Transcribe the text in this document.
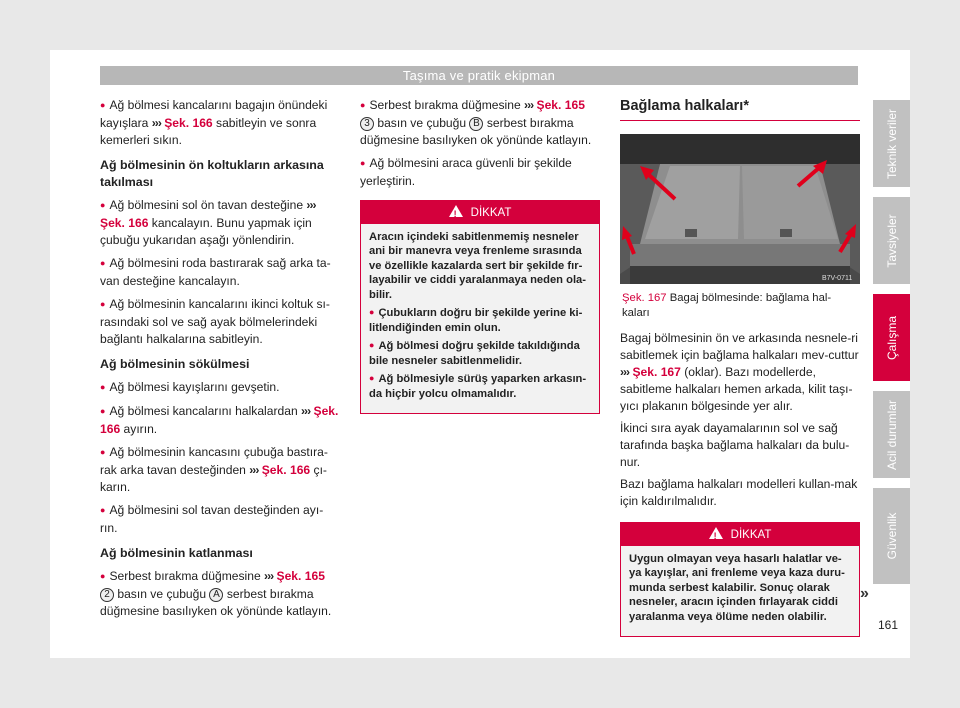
Taşıma ve pratik ekipman

● Ağ bölmesi kancalarını bagajın önündeki kayışlara ››› Şek. 166 sabitleyin ve sonra kemerleri sıkın.

Ağ bölmesinin ön koltukların arkasına takılması

● Ağ bölmesini sol ön tavan desteğine ››› Şek. 166 kancalayın. Bunu yapmak için çubuğu yukarıdan aşağı yönlendirin.

● Ağ bölmesini roda bastırarak sağ arka ta-van desteğine kancalayın.

● Ağ bölmesinin kancalarını ikinci koltuk sı-rasındaki sol ve sağ ayak bölmelerindeki bağlantı halkalarına sabitleyin.

Ağ bölmesinin sökülmesi

● Ağ bölmesi kayışlarını gevşetin.

● Ağ bölmesi kancalarını halkalardan ››› Şek. 166 ayırın.

● Ağ bölmesinin kancasını çubuğa bastıra-rak arka tavan desteğinden ››› Şek. 166 çı-karın.

● Ağ bölmesini sol tavan desteğinden ayı-rın.

Ağ bölmesinin katlanması

● Serbest bırakma düğmesine ››› Şek. 165 2 basın ve çubuğu A serbest bırakma düğmesine basılıyken ok yönünde katlayın.

● Serbest bırakma düğmesine ››› Şek. 165 3 basın ve çubuğu B serbest bırakma düğmesine basılıyken ok yönünde katlayın.

● Ağ bölmesini araca güvenli bir şekilde yerleştirin.

!DİKKAT

Aracın içindeki sabitlenmemiş nesneler ani bir manevra veya frenleme sırasında ve özellikle kazalarda sert bir şekilde fır-layabilir ve ciddi yaralanmaya neden ola-bilir.

● Çubukların doğru bir şekilde yerine ki-litlendiğinden emin olun.

● Ağ bölmesi doğru şekilde takıldığında bile nesneler sabitlenmelidir.

● Ağ bölmesiyle sürüş yaparken arkasın-da hiçbir yolcu olmamalıdır.

Bağlama halkaları*
B7V-0711
Şek. 167 Bagaj bölmesinde: bağlama hal-kaları

Bagaj bölmesinin ön ve arkasında nesnele-ri sabitlemek için bağlama halkaları mev-cuttur ››› Şek. 167 (oklar). Bazı modellerde, sabitleme halkaları hemen arkada, kilit taşı-yıcı plakanın bölgesinde yer alır.

İkinci sıra ayak dayamalarının sol ve sağ tarafında başka bağlama halkaları da bulu-nur.

Bazı bağlama halkaları modelleri kullan-mak için kaldırılmalıdır.

!DİKKAT

Uygun olmayan veya hasarlı halatlar ve-ya kayışlar, ani frenleme veya kaza duru-munda serbest kalabilir. Sonuç olarak nesneler, aracın içinden fırlayarak ciddi yaralanma veya ölüme neden olabilir.

»
Teknik veriler
Tavsiyeler
Çalışma
Acil durumlar
Güvenlik
161
